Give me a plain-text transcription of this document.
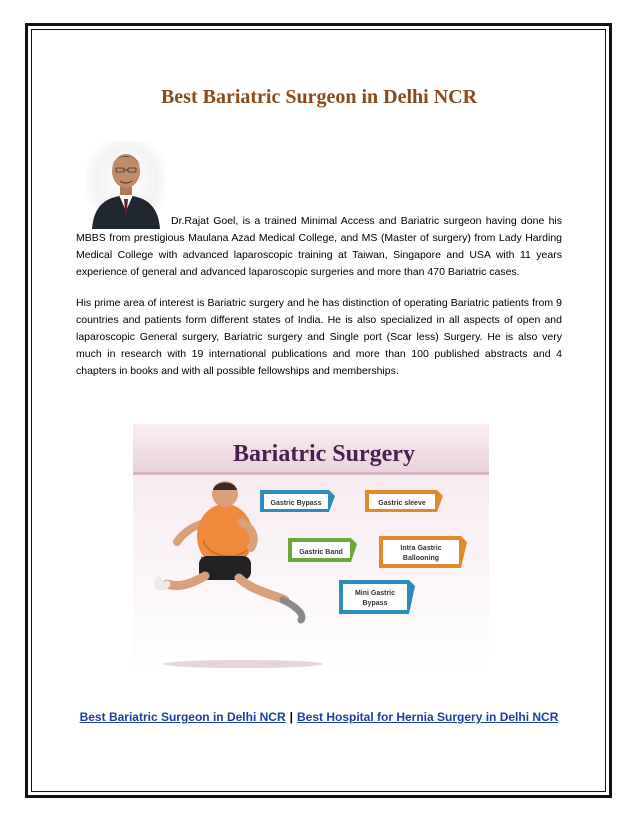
Best Bariatric Surgeon in Delhi NCR

Dr.Rajat Goel, is a trained Minimal Access and Bariatric surgeon having done his MBBS from prestigious Maulana Azad Medical College, and MS (Master of surgery) from Lady Harding Medical College with advanced laparoscopic training at Taiwan, Singapore and USA with 11 years experience of general and advanced laparoscopic surgeries and more than 470 Bariatric cases.

His prime area of interest is Bariatric surgery and he has distinction of operating Bariatric patients from 9 countries and patients form different states of India. He is also specialized in all aspects of open and laparoscopic General surgery, Bariatric surgery and Single port (Scar less) Surgery. He is also very much in research with 19 international publications and more than 100 published abstracts and 4 chapters in books and with all possible fellowships and memberships.

Bariatric Surgery
Gastric Bypass	Gastric sleeve
Gastric Band
Intra Gastric
Ballooning
Mini Gastric
Bypass
Best Bariatric Surgeon in Delhi NCR | Best Hospital for Hernia Surgery in Delhi NCR
